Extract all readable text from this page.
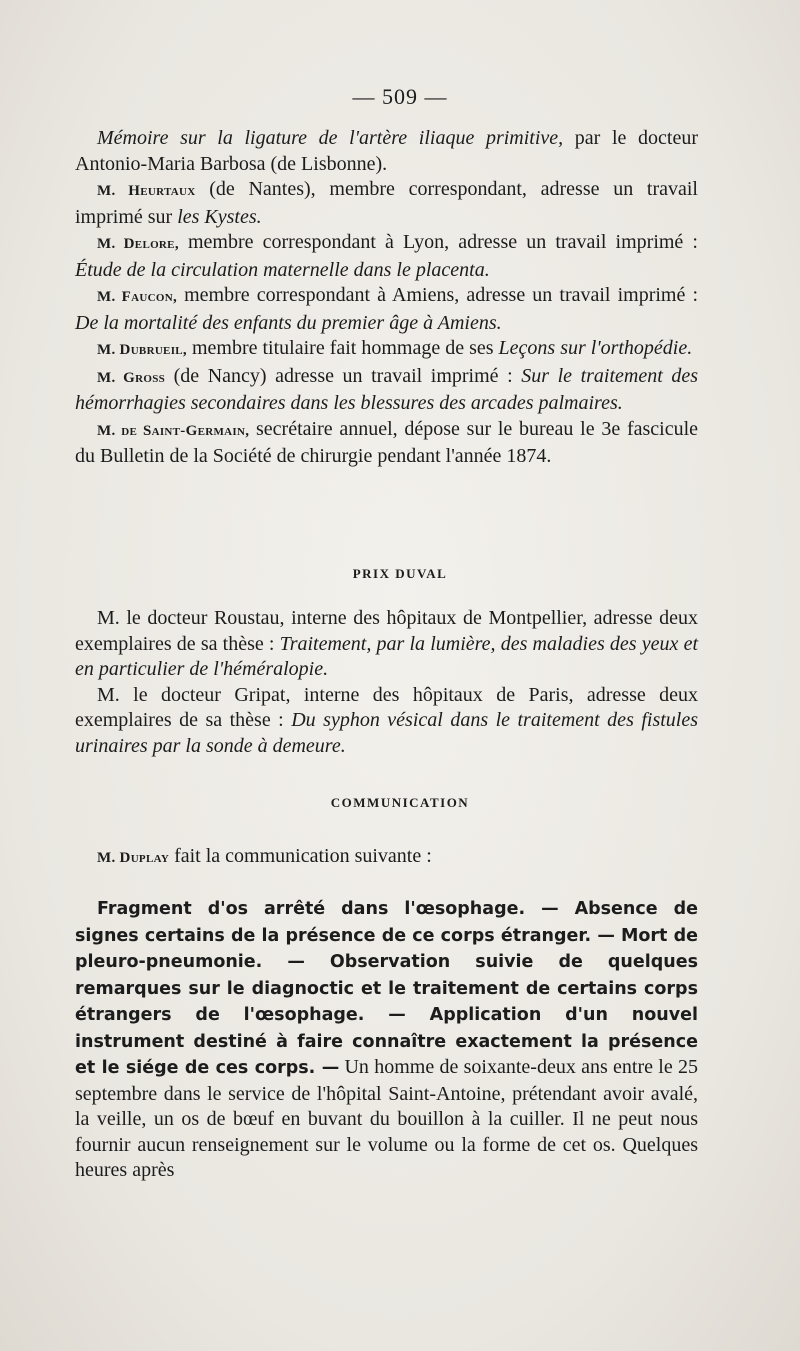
— 509 —

Mémoire sur la ligature de l'artère iliaque primitive, par le docteur Antonio-Maria Barbosa (de Lisbonne).

M. Heurtaux (de Nantes), membre correspondant, adresse un travail imprimé sur les Kystes.

M. Delore, membre correspondant à Lyon, adresse un travail imprimé : Étude de la circulation maternelle dans le placenta.

M. Faucon, membre correspondant à Amiens, adresse un travail imprimé : De la mortalité des enfants du premier âge à Amiens.

M. Dubrueil, membre titulaire fait hommage de ses Leçons sur l'orthopédie.

M. Gross (de Nancy) adresse un travail imprimé : Sur le traitement des hémorrhagies secondaires dans les blessures des arcades palmaires.

M. de Saint-Germain, secrétaire annuel, dépose sur le bureau le 3e fascicule du Bulletin de la Société de chirurgie pendant l'année 1874.

PRIX DUVAL

M. le docteur Roustau, interne des hôpitaux de Montpellier, adresse deux exemplaires de sa thèse : Traitement, par la lumière, des maladies des yeux et en particulier de l'héméralopie.

M. le docteur Gripat, interne des hôpitaux de Paris, adresse deux exemplaires de sa thèse : Du syphon vésical dans le traitement des fistules urinaires par la sonde à demeure.

COMMUNICATION

M. Duplay fait la communication suivante :

Fragment d'os arrêté dans l'œsophage. — Absence de signes certains de la présence de ce corps étranger. — Mort de pleuro-pneumonie. — Observation suivie de quelques remarques sur le diagnoctic et le traitement de certains corps étrangers de l'œsophage. — Application d'un nouvel instrument destiné à faire connaître exactement la présence et le siége de ces corps. — Un homme de soixante-deux ans entre le 25 septembre dans le service de l'hôpital Saint-Antoine, prétendant avoir avalé, la veille, un os de bœuf en buvant du bouillon à la cuiller. Il ne peut nous fournir aucun renseignement sur le volume ou la forme de cet os. Quelques heures après
